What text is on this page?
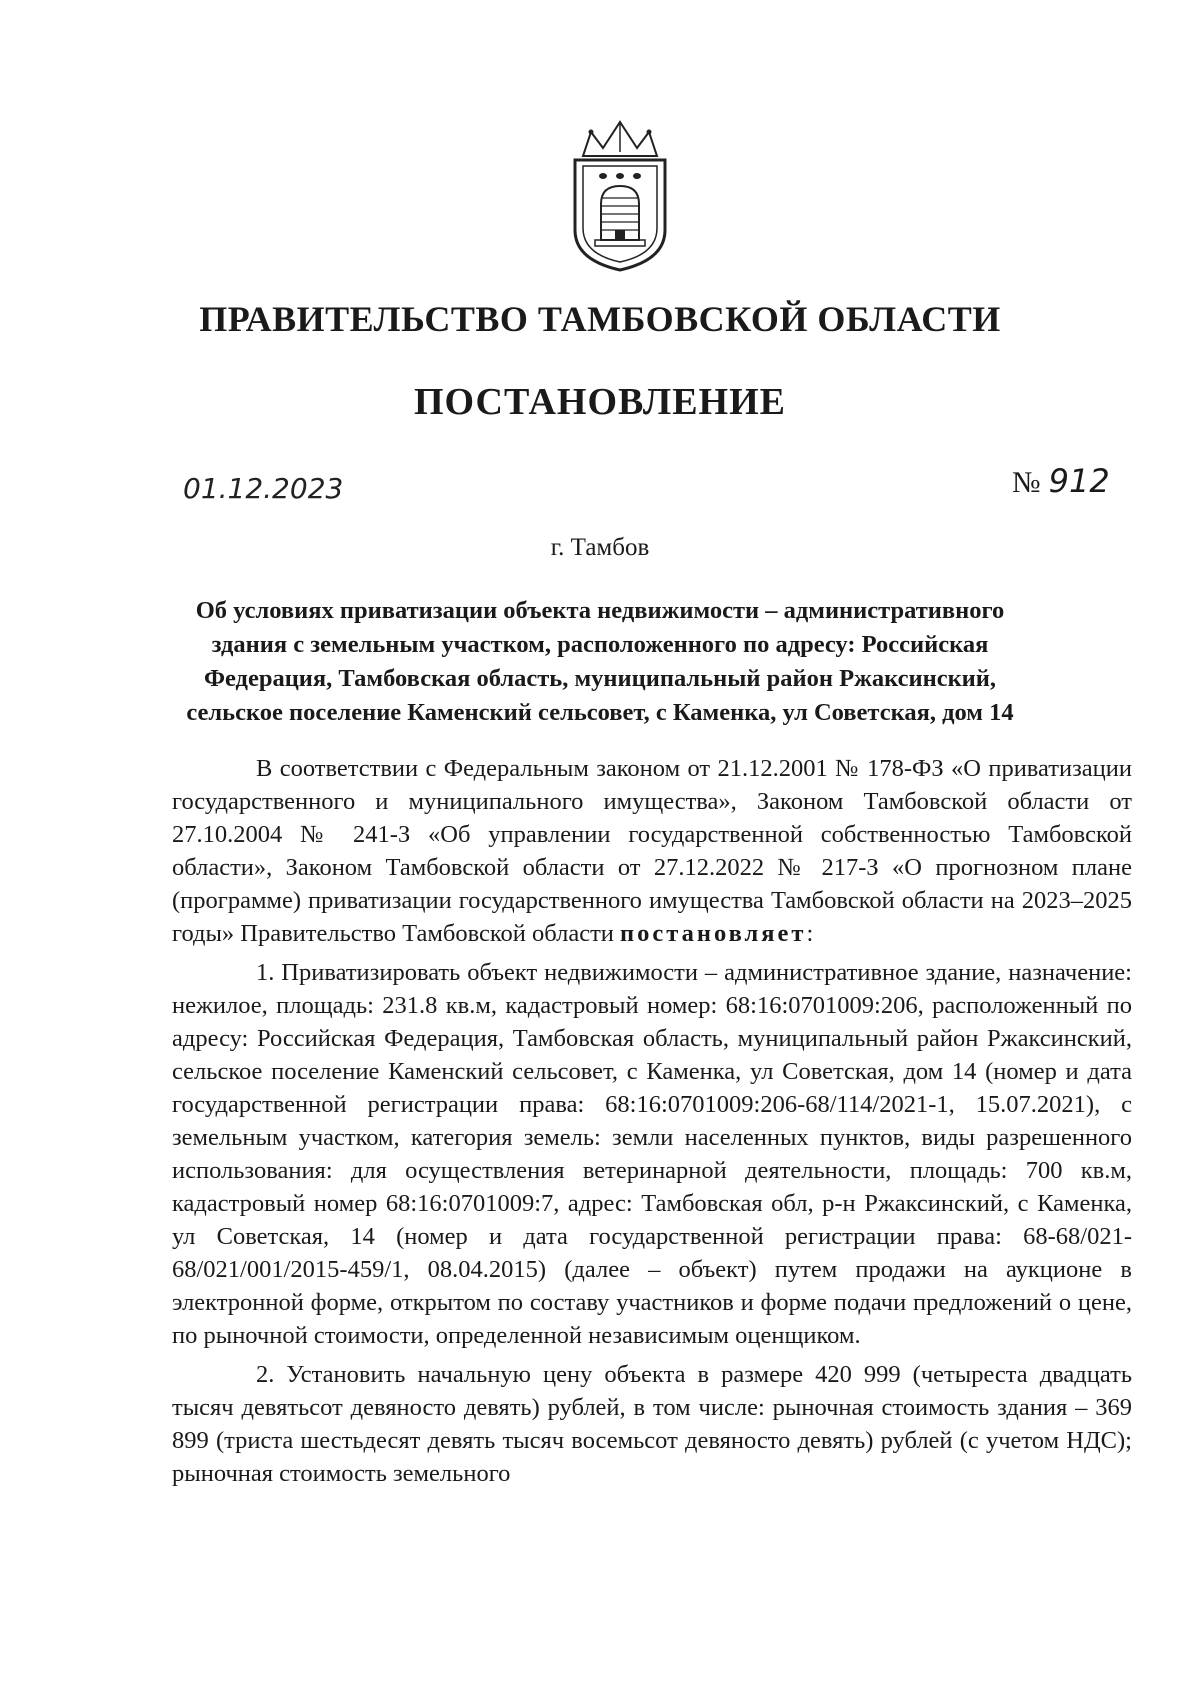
ПРАВИТЕЛЬСТВО ТАМБОВСКОЙ ОБЛАСТИ
ПОСТАНОВЛЕНИЕ
01.12.2023	№ 912
г. Тамбов
Об условиях приватизации объекта недвижимости – административного здания с земельным участком, расположенного по адресу: Российская Федерация, Тамбовская область, муниципальный район Ржаксинский, сельское поселение Каменский сельсовет, с Каменка, ул Советская, дом 14

В соответствии с Федеральным законом от 21.12.2001 № 178-ФЗ «О приватизации государственного и муниципального имущества», Законом Тамбовской области от 27.10.2004 № 241-З «Об управлении государственной собственностью Тамбовской области», Законом Тамбовской области от 27.12.2022 № 217-З «О прогнозном плане (программе) приватизации государственного имущества Тамбовской области на 2023–2025 годы» Правительство Тамбовской области постановляет:

1. Приватизировать объект недвижимости – административное здание, назначение: нежилое, площадь: 231.8 кв.м, кадастровый номер: 68:16:0701009:206, расположенный по адресу: Российская Федерация, Тамбовская область, муниципальный район Ржаксинский, сельское поселение Каменский сельсовет, с Каменка, ул Советская, дом 14 (номер и дата государственной регистрации права: 68:16:0701009:206-68/114/2021-1, 15.07.2021), с земельным участком, категория земель: земли населенных пунктов, виды разрешенного использования: для осуществления ветеринарной деятельности, площадь: 700 кв.м, кадастровый номер 68:16:0701009:7, адрес: Тамбовская обл, р-н Ржаксинский, с Каменка, ул Советская, 14 (номер и дата государственной регистрации права: 68-68/021-68/021/001/2015-459/1, 08.04.2015) (далее – объект) путем продажи на аукционе в электронной форме, открытом по составу участников и форме подачи предложений о цене, по рыночной стоимости, определенной независимым оценщиком.

2. Установить начальную цену объекта в размере 420 999 (четыреста двадцать тысяч девятьсот девяносто девять) рублей, в том числе: рыночная стоимость здания – 369 899 (триста шестьдесят девять тысяч восемьсот девяносто девять) рублей (с учетом НДС); рыночная стоимость земельного
